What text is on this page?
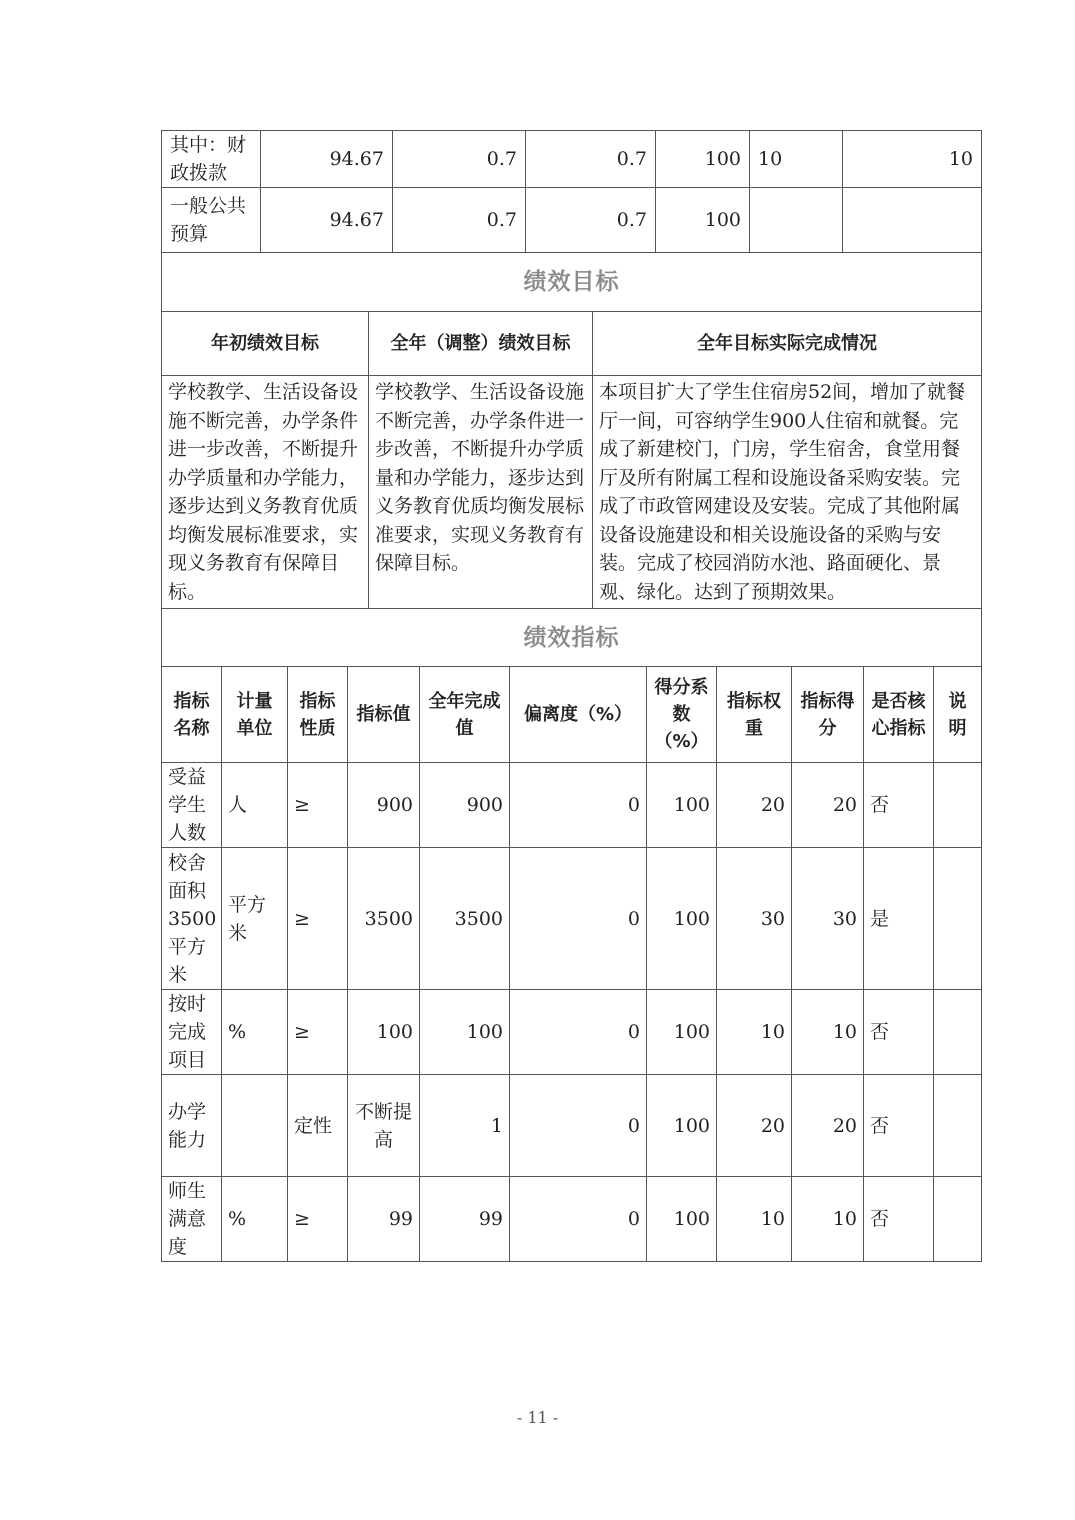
其中：财政拨款	94.67	0.7	0.7	100	10	10
一般公共预算	94.67	0.7	0.7	100		
绩效目标		
年初绩效目标	全年（调整）绩效目标	全年目标实际完成情况
学校教学、生活设备设施不断完善，办学条件进一步改善，不断提升办学质量和办学能力，逐步达到义务教育优质均衡发展标准要求，实现义务教育有保障目标。	学校教学、生活设备设施不断完善，办学条件进一步改善，不断提升办学质量和办学能力，逐步达到义务教育优质均衡发展标准要求，实现义务教育有保障目标。	本项目扩大了学生住宿房52间，增加了就餐厅一间，可容纳学生900人住宿和就餐。完成了新建校门，门房，学生宿舍，食堂用餐厅及所有附属工程和设施设备采购安装。完成了市政管网建设及安装。完成了其他附属设备设施建设和相关设施设备的采购与安装。完成了校园消防水池、路面硬化、景观、绿化。达到了预期效果。
绩效指标										
指标名称	计量单位	指标性质	指标值	全年完成值	偏离度（%）	得分系数（%）	指标权重	指标得分	是否核心指标	说明
受益学生人数	人	≥	900	900	0	100	20	20	否	
校舍面积3500平方米	平方米	≥	3500	3500	0	100	30	30	是	
按时完成项目	%	≥	100	100	0	100	10	10	否	
办学能力		定性	不断提高	1	0	100	20	20	否	
师生满意度	%	≥	99	99	0	100	10	10	否	
- 11 -
